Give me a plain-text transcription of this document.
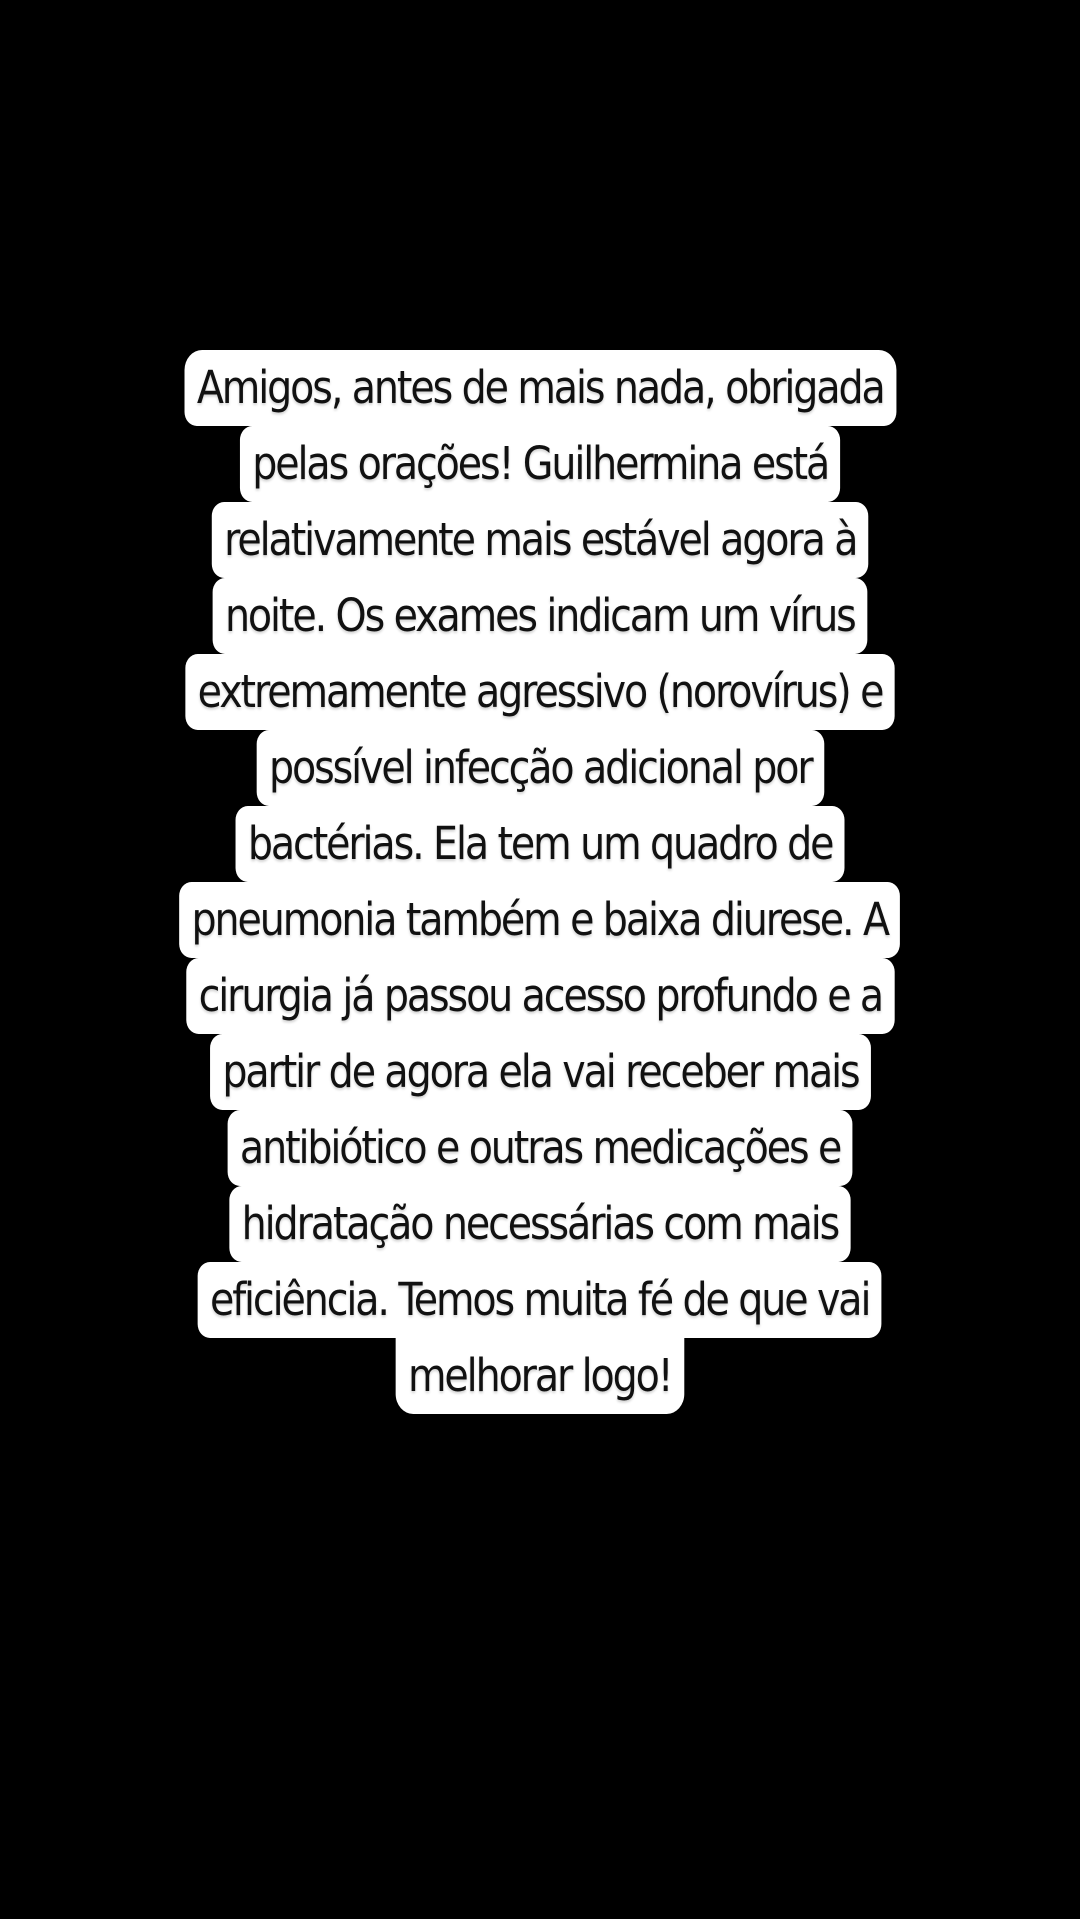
Amigos, antes de mais nada, obrigada
pelas orações! Guilhermina está
relativamente mais estável agora à
noite. Os exames indicam um vírus
extremamente agressivo (norovírus) e
possível infecção adicional por
bactérias. Ela tem um quadro de
pneumonia também e baixa diurese. A
cirurgia já passou acesso profundo e a
partir de agora ela vai receber mais
antibiótico e outras medicações e
hidratação necessárias com mais
eficiência. Temos muita fé de que vai
melhorar logo!
